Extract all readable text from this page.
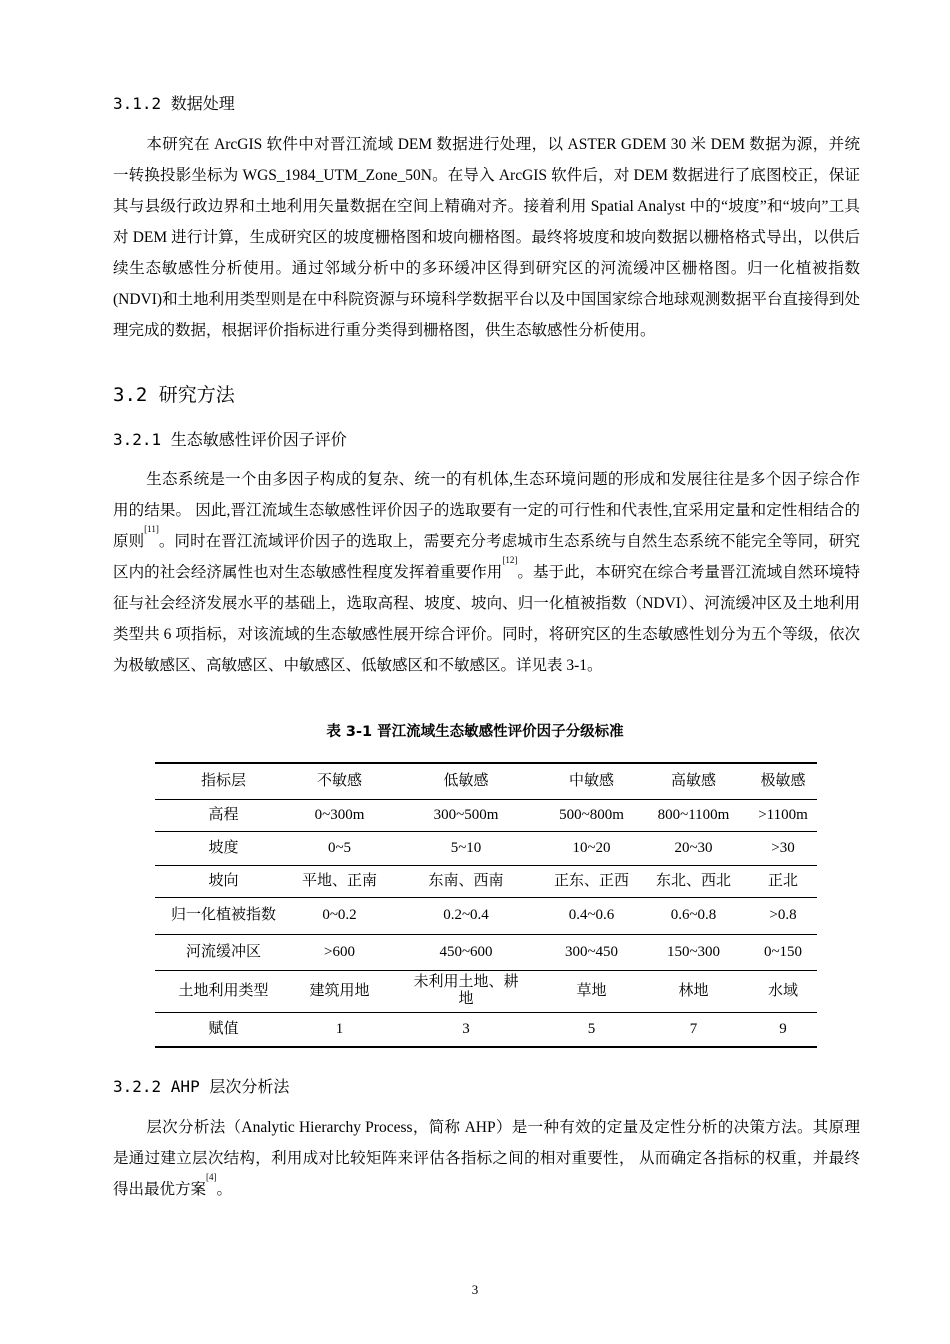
3.1.2 数据处理
本研究在 ArcGIS 软件中对晋江流域 DEM 数据进行处理，以 ASTER GDEM 30 米 DEM 数据为源，并统一转换投影坐标为 WGS_1984_UTM_Zone_50N。在导入 ArcGIS 软件后，对 DEM 数据进行了底图校正，保证其与县级行政边界和土地利用矢量数据在空间上精确对齐。接着利用 Spatial Analyst 中的“坡度”和“坡向”工具对 DEM 进行计算，生成研究区的坡度栅格图和坡向栅格图。最终将坡度和坡向数据以栅格格式导出，以供后续生态敏感性分析使用。通过邻域分析中的多环缓冲区得到研究区的河流缓冲区栅格图。归一化植被指数(NDVI)和土地利用类型则是在中科院资源与环境科学数据平台以及中国国家综合地球观测数据平台直接得到处理完成的数据，根据评价指标进行重分类得到栅格图，供生态敏感性分析使用。
3.2 研究方法
3.2.1 生态敏感性评价因子评价
生态系统是一个由多因子构成的复杂、统一的有机体,生态环境问题的形成和发展往往是多个因子综合作用的结果。 因此,晋江流域生态敏感性评价因子的选取要有一定的可行性和代表性,宜采用定量和定性相结合的原则[11]。同时在晋江流域评价因子的选取上，需要充分考虑城市生态系统与自然生态系统不能完全等同，研究区内的社会经济属性也对生态敏感性程度发挥着重要作用[12]。基于此，本研究在综合考量晋江流域自然环境特征与社会经济发展水平的基础上，选取高程、坡度、坡向、归一化植被指数（NDVI）、河流缓冲区及土地利用类型共 6 项指标，对该流域的生态敏感性展开综合评价。同时，将研究区的生态敏感性划分为五个等级，依次为极敏感区、高敏感区、中敏感区、低敏感区和不敏感区。详见表 3-1。
表 3-1 晋江流域生态敏感性评价因子分级标准
指标层	不敏感	低敏感	中敏感	高敏感	极敏感
高程	0~300m	300~500m	500~800m	800~1100m	>1100m
坡度	0~5	5~10	10~20	20~30	>30
坡向	平地、正南	东南、西南	正东、正西	东北、西北	正北
归一化植被指数	0~0.2	0.2~0.4	0.4~0.6	0.6~0.8	>0.8
河流缓冲区	>600	450~600	300~450	150~300	0~150
土地利用类型	建筑用地	未利用土地、耕地	草地	林地	水域
赋值	1	3	5	7	9
3.2.2 AHP 层次分析法
层次分析法（Analytic Hierarchy Process，简称 AHP）是一种有效的定量及定性分析的决策方法。其原理是通过建立层次结构，利用成对比较矩阵来评估各指标之间的相对重要性， 从而确定各指标的权重，并最终得出最优方案[4]。
3
